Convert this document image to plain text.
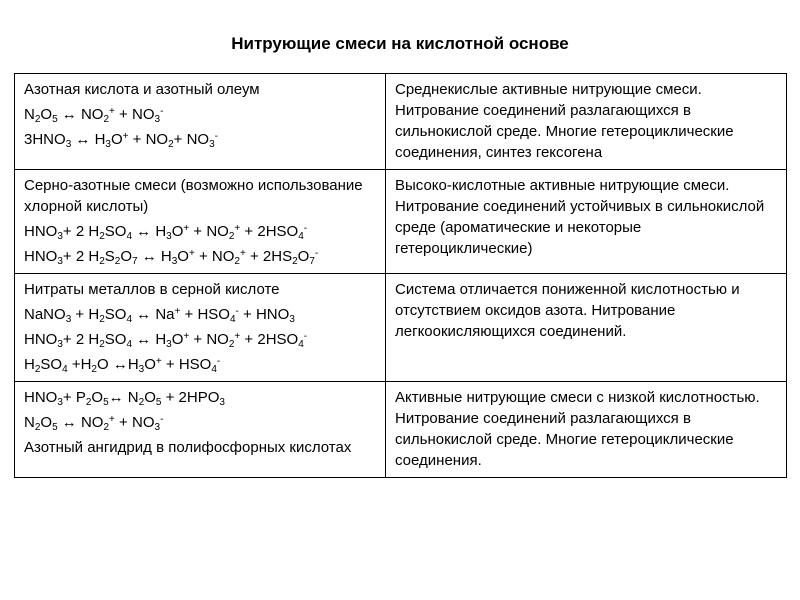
Нитрующие смеси на кислотной основе
Азотная кислота и азотный олеум
$N_2O_5$ ↔ $NO_2^+ + NO_3^-$
$3HNO_3$ ↔ $H_3O^+ + NO_2+ NO_3^-$	Среднекислые активные нитрующие смеси. Нитрование соединений разлагающихся в сильнокислой среде. Многие гетероциклические соединения, синтез гексогена

Серно-азотные смеси (возможно использование хлорной кислоты)
$HNO_3+ 2$ $H_2SO_4$ ↔ $H_3O^+ + NO_2^+ + 2HSO_4^-$
$HNO_3+ 2$ $H_2S_2O_7$ ↔ $H_3O^+ + NO_2^+ + 2HS_2O_7^-$	Высоко-кислотные активные нитрующие смеси. Нитрование соединений устойчивых в сильнокислой среде (ароматические и некоторые гетероциклические)

Нитраты металлов в серной кислоте
NaNO$_3$ + $H_2SO_4$ ↔ $Na^+ + HSO_4^- + HNO_3$
$HNO_3+ 2$ $H_2SO_4$ ↔ $H_3O^+ + NO_2^+ + 2HSO_4^-$
$H_2SO_4 +H_2O$ $\leftrightarrow H_3O^+ + HSO_4^-$	Система отличается пониженной кислотностью и отсутствием оксидов азота. Нитрование легкоокисляющихся соединений.

$HNO_3+$ $P_2O_5\leftrightarrow$ $N_2O_5 + 2HPO_3$
$N_2O_5$ ↔ $NO_2^+ + NO_3^-$
Азотный ангидрид в полифосфорных кислотах	Активные нитрующие смеси с низкой кислотностью. Нитрование соединений разлагающихся в сильнокислой среде. Многие гетероциклические соединения.
